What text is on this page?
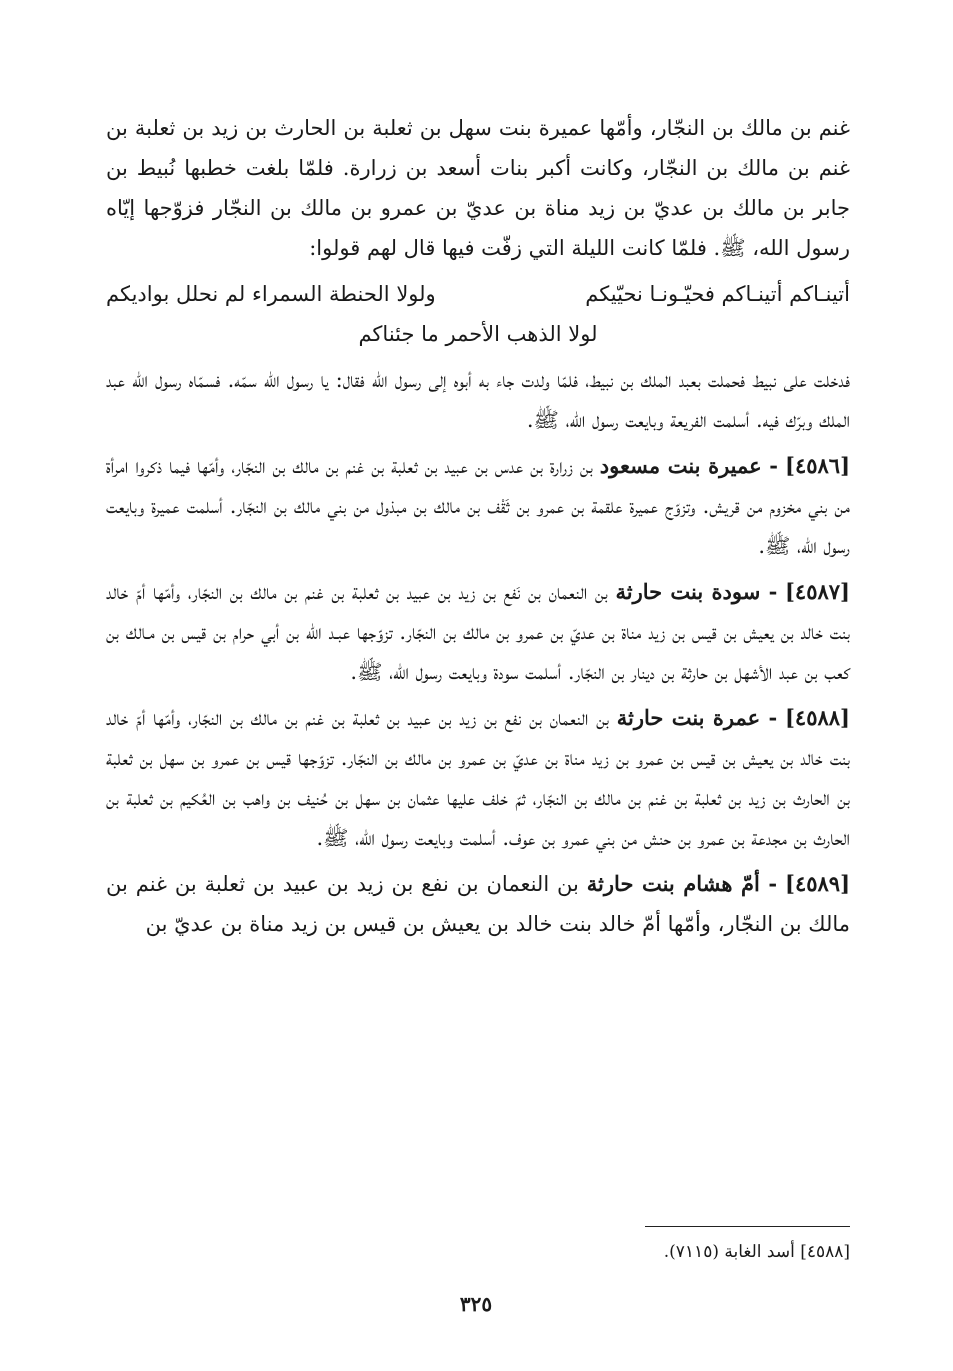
غنم بن مالك بن النجّار، وأمّها عميرة بنت سهل بن ثعلبة بن الحارث بن زيد بن ثعلبة بن غنم بن مالك بن النجّار، وكانت أكبر بنات أسعد بن زرارة. فلمّا بلغت خطبها نُبيط بن جابر بن مالك بن عديّ بن زيد مناة بن عديّ بن عمرو بن مالك بن النجّار فزوّجها إيّاه رسول الله، ﷺ. فلمّا كانت الليلة التي زفّت فيها قال لهم قولوا:

أتينـاكم أتينـاكم فحيّـونـا نحيّيكم
ولولا الحنطة السمراء لم نحلل بواديكم
لولا الذهب الأحمر ما جئناكم

فدخلت على نبيط فحملت بعبد الملك بن نبيط، فلمّا ولدت جاء به أبوه إلى رسول الله فقال: يا رسول الله سمّه. فسمّاه رسول الله عبد الملك وبرّك فيه. أسلمت الفريعة وبايعت رسول الله، ﷺ.

[٤٥٨٦] - عميرة بنت مسعود بن زرارة بن عدس بن عبيد بن ثعلبة بن غنم بن مالك بن النجّار، وأمّها فيما ذكروا امرأة من بني مخزوم من قريش. وتزوّج عميرة علقمة بن عمرو بن ثَقْف بن مالك بن مبذول من بني مالك بن النجّار. أسلمت عميرة وبايعت رسول الله، ﷺ.

[٤٥٨٧] - سودة بنت حارثة بن النعمان بن نَفع بن زيد بن عبيد بن ثعلبة بن غنم بن مالك بن النجّار، وأمّها أمّ خالد بنت خالد بن يعيش بن قيس بن زيد مناة بن عديّ بن عمرو بن مالك بن النجّار. تزوّجها عبـد الله بن أبي حرام بن قيس بن مـالك بن كعب بن عبد الأشهل بن حارثة بن دينار بن النجّار. أسلمت سودة وبايعت رسول الله، ﷺ.

[٤٥٨٨] - عمرة بنت حارثة بن النعمان بن نفع بن زيد بن عبيد بن ثعلبة بن غنم بن مالك بن النجّار، وأمّها أمّ خالد بنت خالد بن يعيش بن قيس بن عمرو بن زيد مناة بن عديّ بن عمرو بن مالك بن النجّار. تزوّجها قيس بن عمرو بن سهل بن ثعلبة بن الحارث بن زيد بن ثعلبة بن غنم بن مالك بن النجّار، ثمّ خلف عليها عثمان بن سهل بن حُنيف بن واهب بن العُكيم بن ثعلبة بن الحارث بن مجدعة بن عمرو بن حنش من بني عمرو بن عوف. أسلمت وبايعت رسول الله، ﷺ.

[٤٥٨٩] - أمّ هشام بنت حارثة بن النعمان بن نفع بن زيد بن عبيد بن ثعلبة بن غنم بن مالك بن النجّار، وأمّها أمّ خالد بنت خالد بن يعيش بن قيس بن زيد مناة بن عديّ بن

[٤٥٨٨] أسد الغابة (٧١١٥).
٣٢٥
